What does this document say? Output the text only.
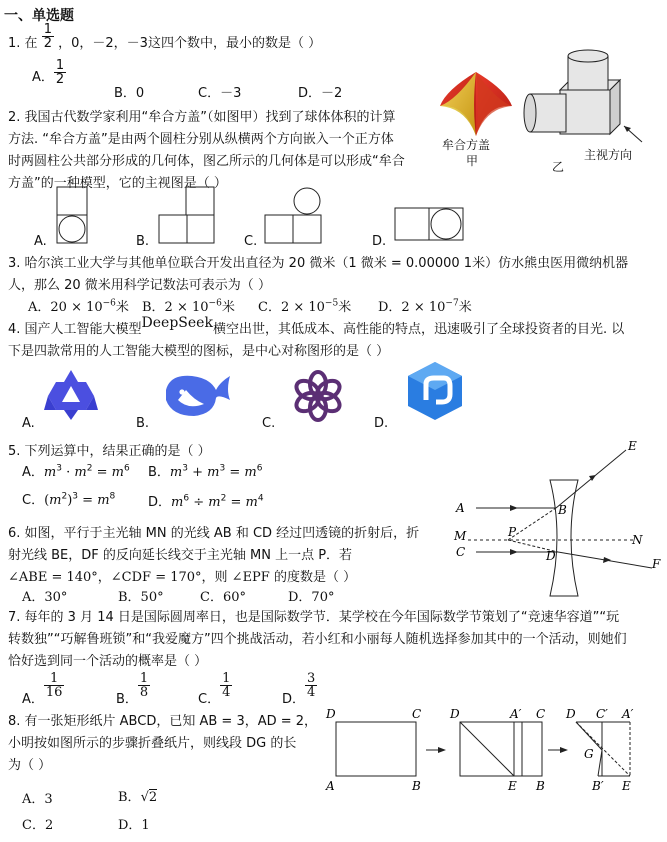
一、单选题
1. 在 $\frac{1}{2}$ ，0，－2，－3这四个数中，最小的数是（ ）
A． $\frac{1}{2}$
B．0	C．－3	D．－2
2. 我国古代数学家利用“牟合方盖”（如图甲）找到了球体体积的计算
方法. “牟合方盖”是由两个圆柱分别从纵横两个方向嵌入一个正方体
时两圆柱公共部分形成的几何体，图乙所示的几何体是可以形成“牟合
方盖”的一种模型，它的主视图是（ ）
牟合方盖
甲	主视方向
乙
A.	B.	C.	D.
3. 哈尔滨工业大学与其他单位联合开发出直径为 20 微米（1 微米 = 0.00000 1米）仿水熊虫医用微纳机器
人，那么 20 微米用科学记数法可表示为（ ）
A．$20 \times 10^{-6}$米 B．$2 \times 10^{-6}$米 C．$2 \times 10^{-5}$米 D．$2 \times 10^{-7}$米
4. 国产人工智能大模型DeepSeek横空出世，其低成本、高性能的特点，迅速吸引了全球投资者的目光. 以
下是四款常用的人工智能大模型的图标，是中心对称图形的是（ ）
A.	B.	C.	D.
5. 下列运算中，结果正确的是（ ）
A．$m^3 \cdot m^2 = m^6$ B．$m^3 + m^3 = m^6$
C．$(m^2)^3 = m^8$	D．$m^6 \div m^2 = m^4$
6. 如图，平行于主光轴 MN 的光线 AB 和 CD 经过凹透镜的折射后，折
射光线 BE，DF 的反向延长线交于主光轴 MN 上一点 P．若
∠ABE = 140°，∠CDF = 170°，则 ∠EPF 的度数是（ ）
A．30°	B．50°	C．60°	D．70°
E
A	B
M	P
N
C	D
F
7. 每年的 3 月 14 日是国际圆周率日，也是国际数学节．某学校在今年国际数学节策划了“竞速华容道”“玩
转数独”“巧解鲁班锁”和“我爱魔方”四个挑战活动，若小红和小丽每人随机选择参加其中的一个活动，则她们
恰好选到同一个活动的概率是（ ）
A．
$\frac{1}{16}$
B．
$\frac{1}{8}$
C．
$\frac{1}{4}$
D．
$\frac{3}{4}$
8. 有一张矩形纸片 ABCD，已知 AB = 3，AD = 2，
小明按如图所示的步骤折叠纸片，则线段 DG 的长
为（ ）
A．3	B．√2
C．2	D．1
D	C
A	B
D	A′ C
E B
D C′ A′
G
B′ E
